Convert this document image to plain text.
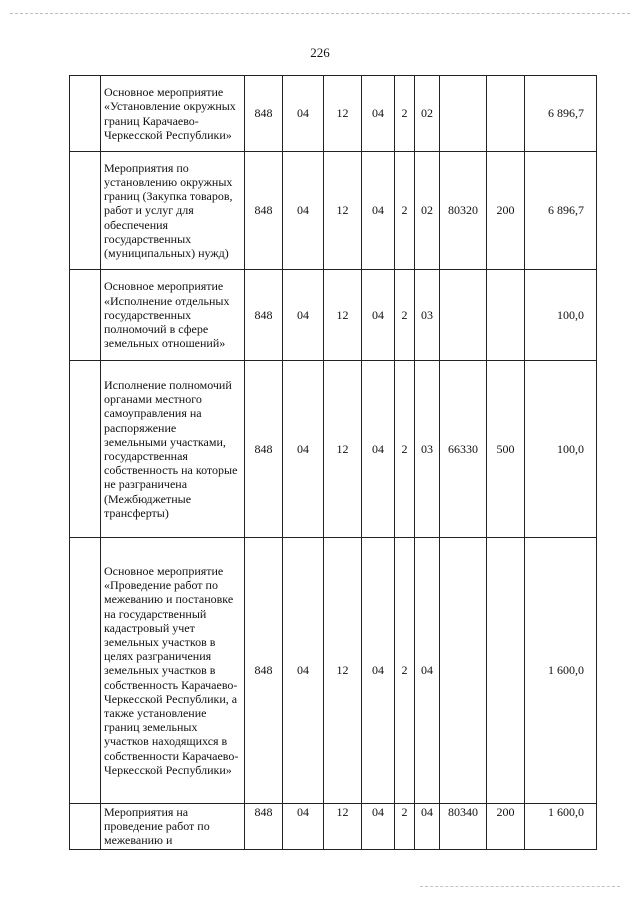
226
	Основное мероприятие «Установление окружных границ Карачаево-Черкесской Республики»	848	04	12	04	2	02			6 896,7
	Мероприятия по установлению окружных границ (Закупка товаров, работ и услуг для обеспечения государственных (муниципальных) нужд)	848	04	12	04	2	02	80320	200	6 896,7
	Основное мероприятие «Исполнение отдельных государственных полномочий в сфере земельных отношений»	848	04	12	04	2	03			100,0
	Исполнение полномочий органами местного самоуправления на распоряжение земельными участками, государственная собственность на которые не разграничена (Межбюджетные трансферты)	848	04	12	04	2	03	66330	500	100,0
	Основное мероприятие «Проведение работ по межеванию и постановке на государственный кадастровый учет земельных участков в целях разграничения земельных участков в собственность Карачаево-Черкесской Республики, а также установление границ земельных участков находящихся в собственности Карачаево-Черкесской Республики»	848	04	12	04	2	04			1 600,0
	Мероприятия на проведение работ по межеванию и	848	04	12	04	2	04	80340	200	1 600,0
